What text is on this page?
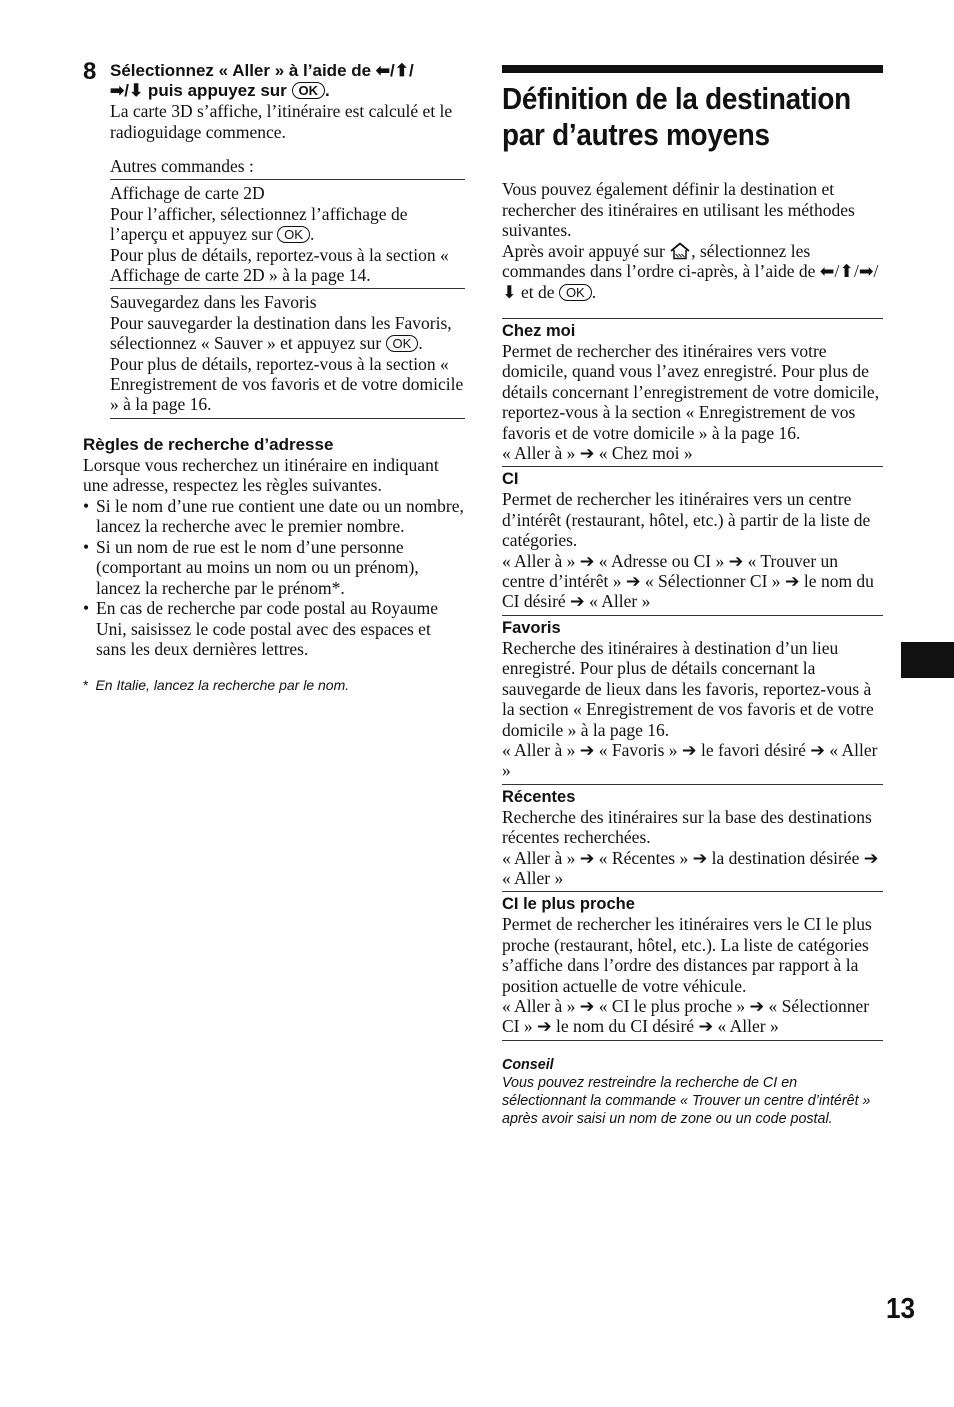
8 Sélectionnez « Aller » à l’aide de ⬅/⬆/
➡/⬇ puis appuyez sur OK .

La carte 3D s’affiche, l’itinéraire est calculé et le radioguidage commence.

Autres commandes :

Affichage de carte 2D

Pour l’afficher, sélectionnez l’affichage de l’aperçu et appuyez sur OK .

Pour plus de détails, reportez-vous à la section « Affichage de carte 2D » à la page 14.

Sauvegardez dans les Favoris

Pour sauvegarder la destination dans les Favoris, sélectionnez « Sauver » et appuyez sur OK .

Pour plus de détails, reportez-vous à la section « Enregistrement de vos favoris et de votre domicile » à la page 16.

Règles de recherche d’adresse

Lorsque vous recherchez un itinéraire en indiquant une adresse, respectez les règles suivantes.

• Si le nom d’une rue contient une date ou un nombre, lancez la recherche avec le premier nombre.
• Si un nom de rue est le nom d’une personne (comportant au moins un nom ou un prénom), lancez la recherche par le prénom*.
• En cas de recherche par code postal au Royaume Uni, saisissez le code postal avec des espaces et sans les deux dernières lettres.
* En Italie, lancez la recherche par le nom.
Définition de la destination par d’autres moyens

Vous pouvez également définir la destination et rechercher des itinéraires en utilisant les méthodes suivantes.

Après avoir appuyé sur , sélectionnez les commandes dans l’ordre ci-après, à l’aide de ⬅/⬆/➡/⬇ et de OK .

Chez moi

Permet de rechercher des itinéraires vers votre domicile, quand vous l’avez enregistré. Pour plus de détails concernant l’enregistrement de votre domicile, reportez-vous à la section « Enregistrement de vos favoris et de votre domicile » à la page 16.

« Aller à » ➔ « Chez moi »

CI

Permet de rechercher les itinéraires vers un centre d’intérêt (restaurant, hôtel, etc.) à partir de la liste de catégories.

« Aller à » ➔ « Adresse ou CI » ➔ « Trouver un centre d’intérêt » ➔ « Sélectionner CI » ➔ le nom du CI désiré ➔ « Aller »

Favoris

Recherche des itinéraires à destination d’un lieu enregistré. Pour plus de détails concernant la sauvegarde de lieux dans les favoris, reportez-vous à la section « Enregistrement de vos favoris et de votre domicile » à la page 16.

« Aller à » ➔ « Favoris » ➔ le favori désiré ➔ « Aller »

Récentes

Recherche des itinéraires sur la base des destinations récentes recherchées.

« Aller à » ➔ « Récentes » ➔ la destination désirée ➔ « Aller »

CI le plus proche

Permet de rechercher les itinéraires vers le CI le plus proche (restaurant, hôtel, etc.). La liste de catégories s’affiche dans l’ordre des distances par rapport à la position actuelle de votre véhicule.

« Aller à » ➔ « CI le plus proche » ➔ « Sélectionner CI » ➔ le nom du CI désiré ➔ « Aller »

Conseil
Vous pouvez restreindre la recherche de CI en sélectionnant la commande « Trouver un centre d’intérêt » après avoir saisi un nom de zone ou un code postal.
13
